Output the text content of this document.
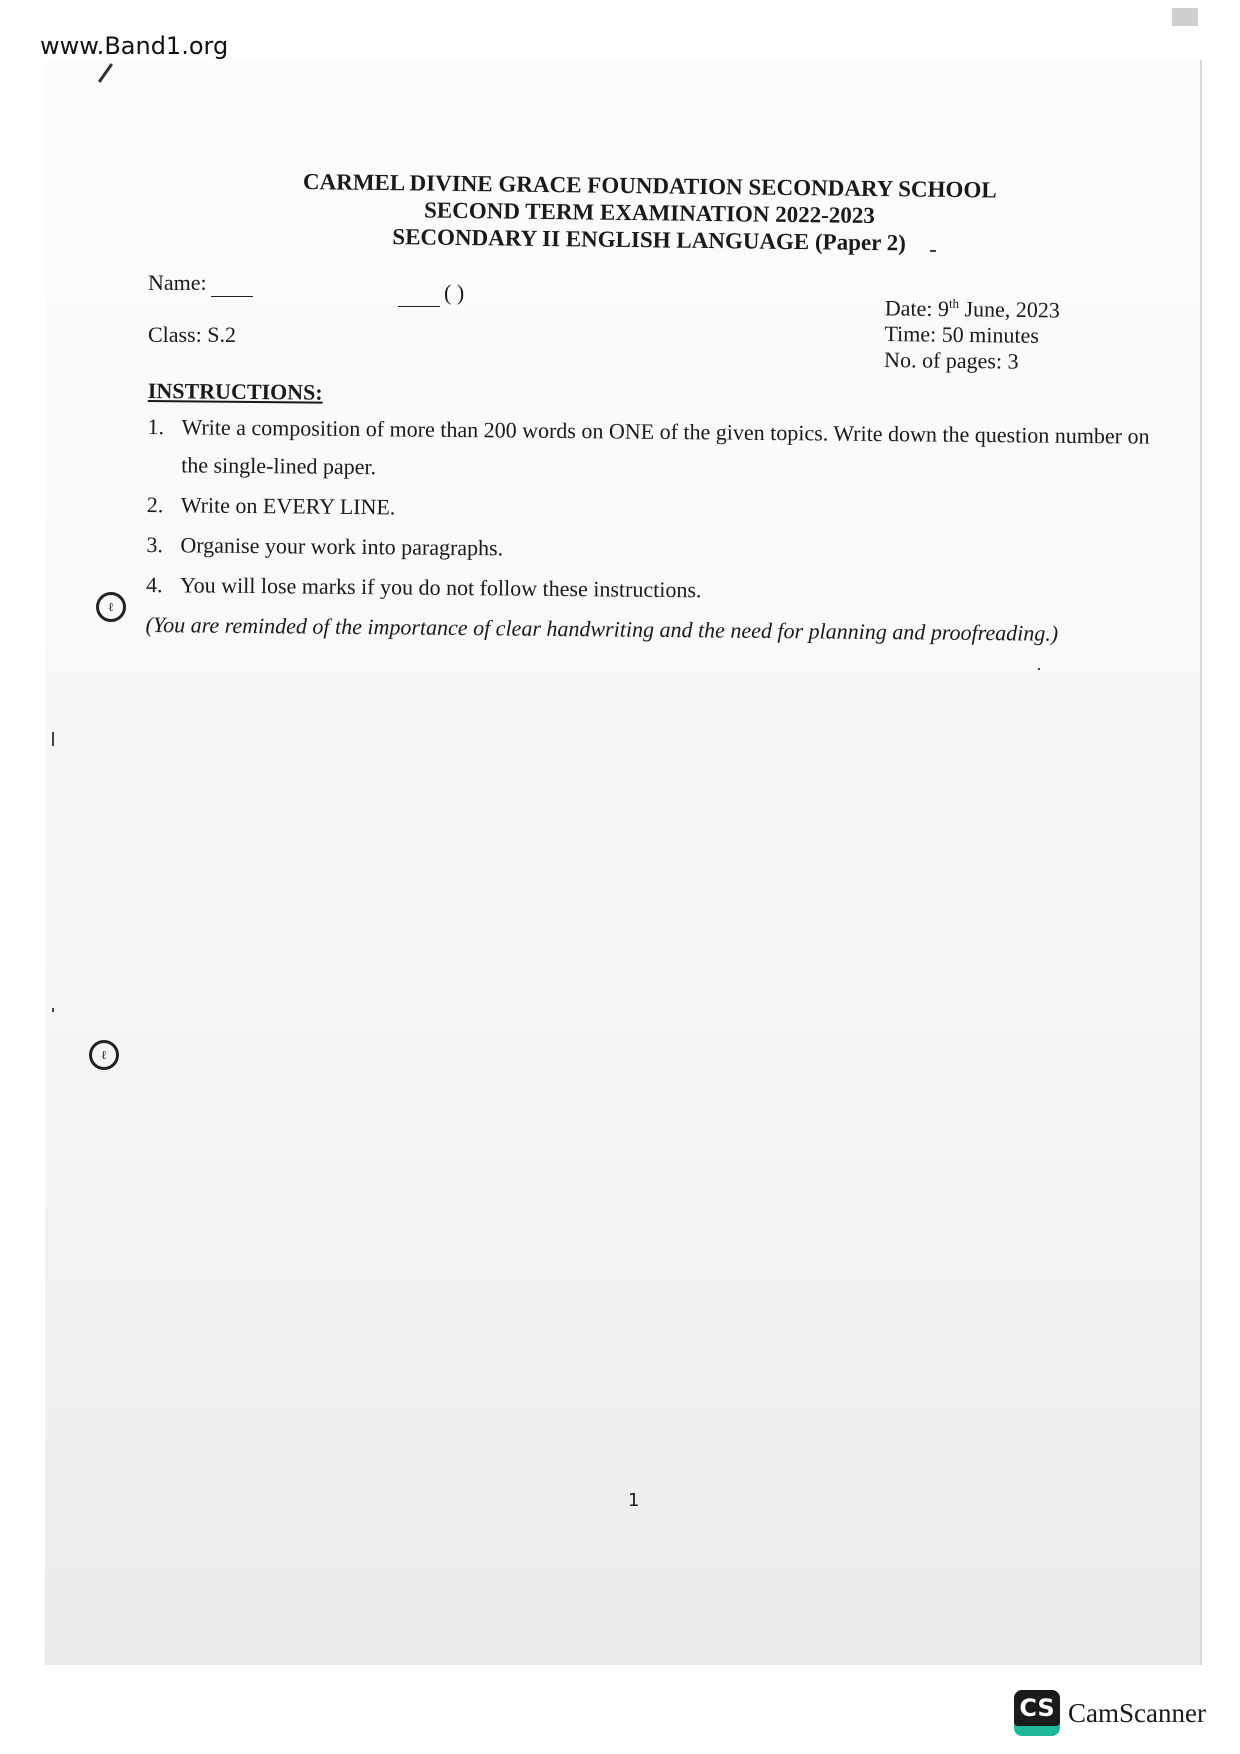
www.Band1.org
CARMEL DIVINE GRACE FOUNDATION SECONDARY SCHOOL
SECOND TERM EXAMINATION 2022-2023
SECONDARY II ENGLISH LANGUAGE (Paper 2)
Name:	( )
Class: S.2
Date: 9th June, 2023
Time: 50 minutes
No. of pages: 3
INSTRUCTIONS:
1. Write a composition of more than 200 words on ONE of the given topics. Write down the question number on the single-lined paper.
2. Write on EVERY LINE.
3. Organise your work into paragraphs.
4. You will lose marks if you do not follow these instructions.
(You are reminded of the importance of clear handwriting and the need for planning and proofreading.)
ℓ
ℓ
1
CS CamScanner
